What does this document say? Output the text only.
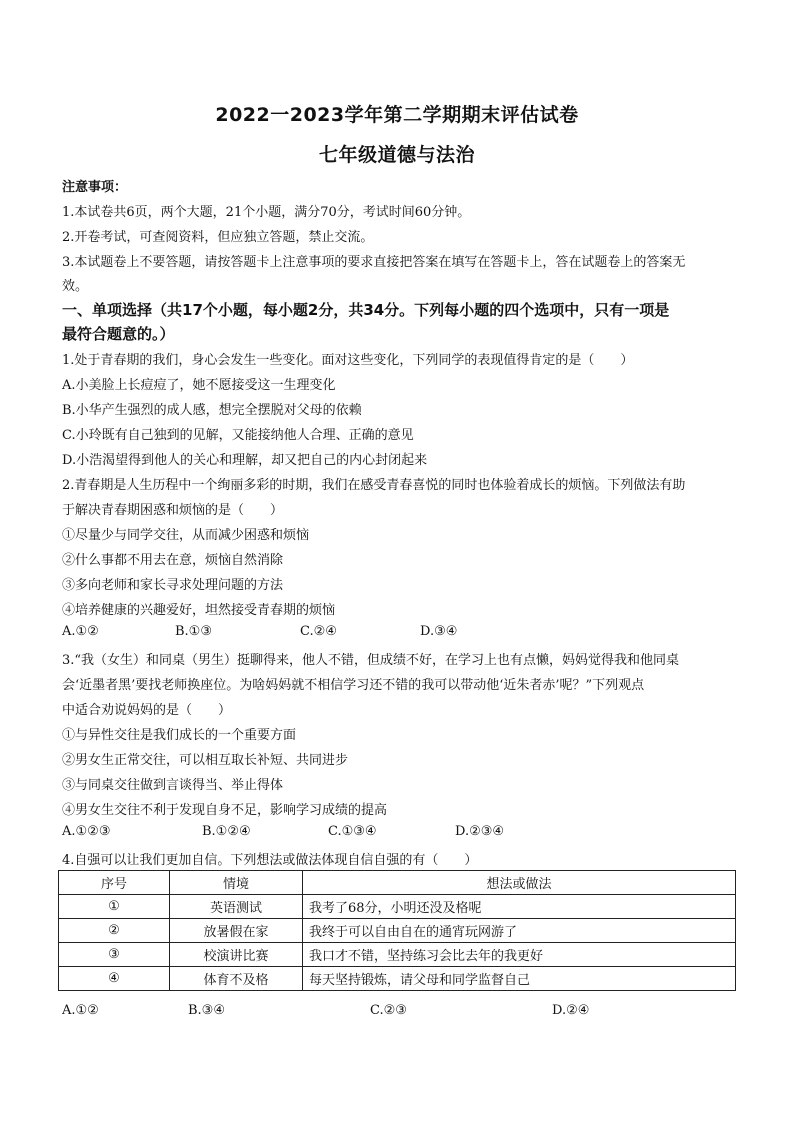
2022一2023学年第二学期期末评估试卷
七年级道德与法治
注意事项：
1.本试卷共6页，两个大题，21个小题，满分70分，考试时间60分钟。
2.开卷考试，可查阅资料，但应独立答题，禁止交流。
3.本试题卷上不要答题，请按答题卡上注意事项的要求直接把答案在填写在答题卡上，答在试题卷上的答案无
效。
一、单项选择（共17个小题，每小题2分，共34分。下列每小题的四个选项中，只有一项是
最符合题意的。）
1.处于青春期的我们，身心会发生一些变化。面对这些变化，下列同学的表现值得肯定的是（　　）
A.小美脸上长痘痘了，她不愿接受这一生理变化
B.小华产生强烈的成人感，想完全摆脱对父母的依赖
C.小玲既有自己独到的见解，又能接纳他人合理、正确的意见
D.小浩渴望得到他人的关心和理解，却又把自己的内心封闭起来
2.青春期是人生历程中一个绚丽多彩的时期，我们在感受青春喜悦的同时也体验着成长的烦恼。下列做法有助
于解决青春期困惑和烦恼的是（　　）
①尽量少与同学交往，从而减少困惑和烦恼
②什么事都不用去在意，烦恼自然消除
③多向老师和家长寻求处理问题的方法
④培养健康的兴趣爱好，坦然接受青春期的烦恼
A.①②	B.①③	C.②④	D.③④
3.“我（女生）和同桌（男生）挺聊得来，他人不错，但成绩不好，在学习上也有点懒，妈妈觉得我和他同桌
会‘近墨者黑’要找老师换座位。为啥妈妈就不相信学习还不错的我可以带动他‘近朱者赤’呢？”下列观点
中适合劝说妈妈的是（　　）
①与异性交往是我们成长的一个重要方面
②男女生正常交往，可以相互取长补短、共同进步
③与同桌交往做到言谈得当、举止得体
④男女生交往不利于发现自身不足，影响学习成绩的提高
A.①②③	B.①②④	C.①③④	D.②③④
4.自强可以让我们更加自信。下列想法或做法体现自信自强的有（　　）
序号	情境	想法或做法
①	英语测试	我考了68分，小明还没及格呢
②	放暑假在家	我终于可以自由自在的通宵玩网游了
③	校演讲比赛	我口才不错，坚持练习会比去年的我更好
④	体育不及格	每天坚持锻炼，请父母和同学监督自己
A.①②	B.③④	C.②③	D.②④
